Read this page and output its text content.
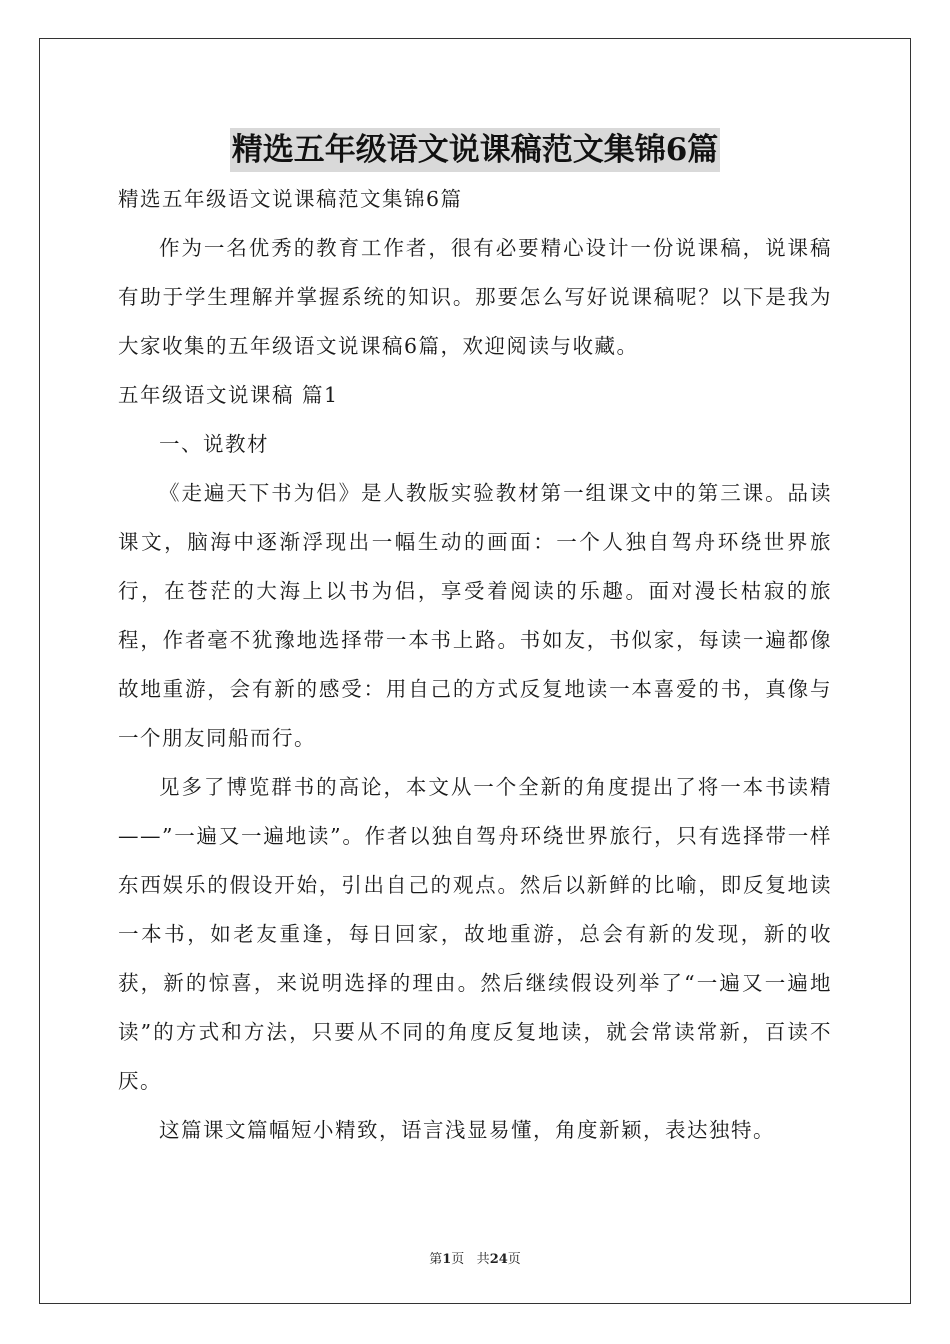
精选五年级语文说课稿范文集锦6篇

精选五年级语文说课稿范文集锦6篇

作为一名优秀的教育工作者，很有必要精心设计一份说课稿，说课稿有助于学生理解并掌握系统的知识。那要怎么写好说课稿呢？以下是我为大家收集的五年级语文说课稿6篇，欢迎阅读与收藏。

五年级语文说课稿 篇1

一、说教材

《走遍天下书为侣》是人教版实验教材第一组课文中的第三课。品读课文，脑海中逐渐浮现出一幅生动的画面：一个人独自驾舟环绕世界旅行，在苍茫的大海上以书为侣，享受着阅读的乐趣。面对漫长枯寂的旅程，作者毫不犹豫地选择带一本书上路。书如友，书似家，每读一遍都像故地重游，会有新的感受：用自己的方式反复地读一本喜爱的书，真像与一个朋友同船而行。

见多了博览群书的高论，本文从一个全新的角度提出了将一本书读精——”一遍又一遍地读”。作者以独自驾舟环绕世界旅行，只有选择带一样东西娱乐的假设开始，引出自己的观点。然后以新鲜的比喻，即反复地读一本书，如老友重逢，每日回家，故地重游，总会有新的发现，新的收获，新的惊喜，来说明选择的理由。然后继续假设列举了“一遍又一遍地读”的方式和方法，只要从不同的角度反复地读，就会常读常新，百读不厌。

这篇课文篇幅短小精致，语言浅显易懂，角度新颖，表达独特。

第1页 共24页
